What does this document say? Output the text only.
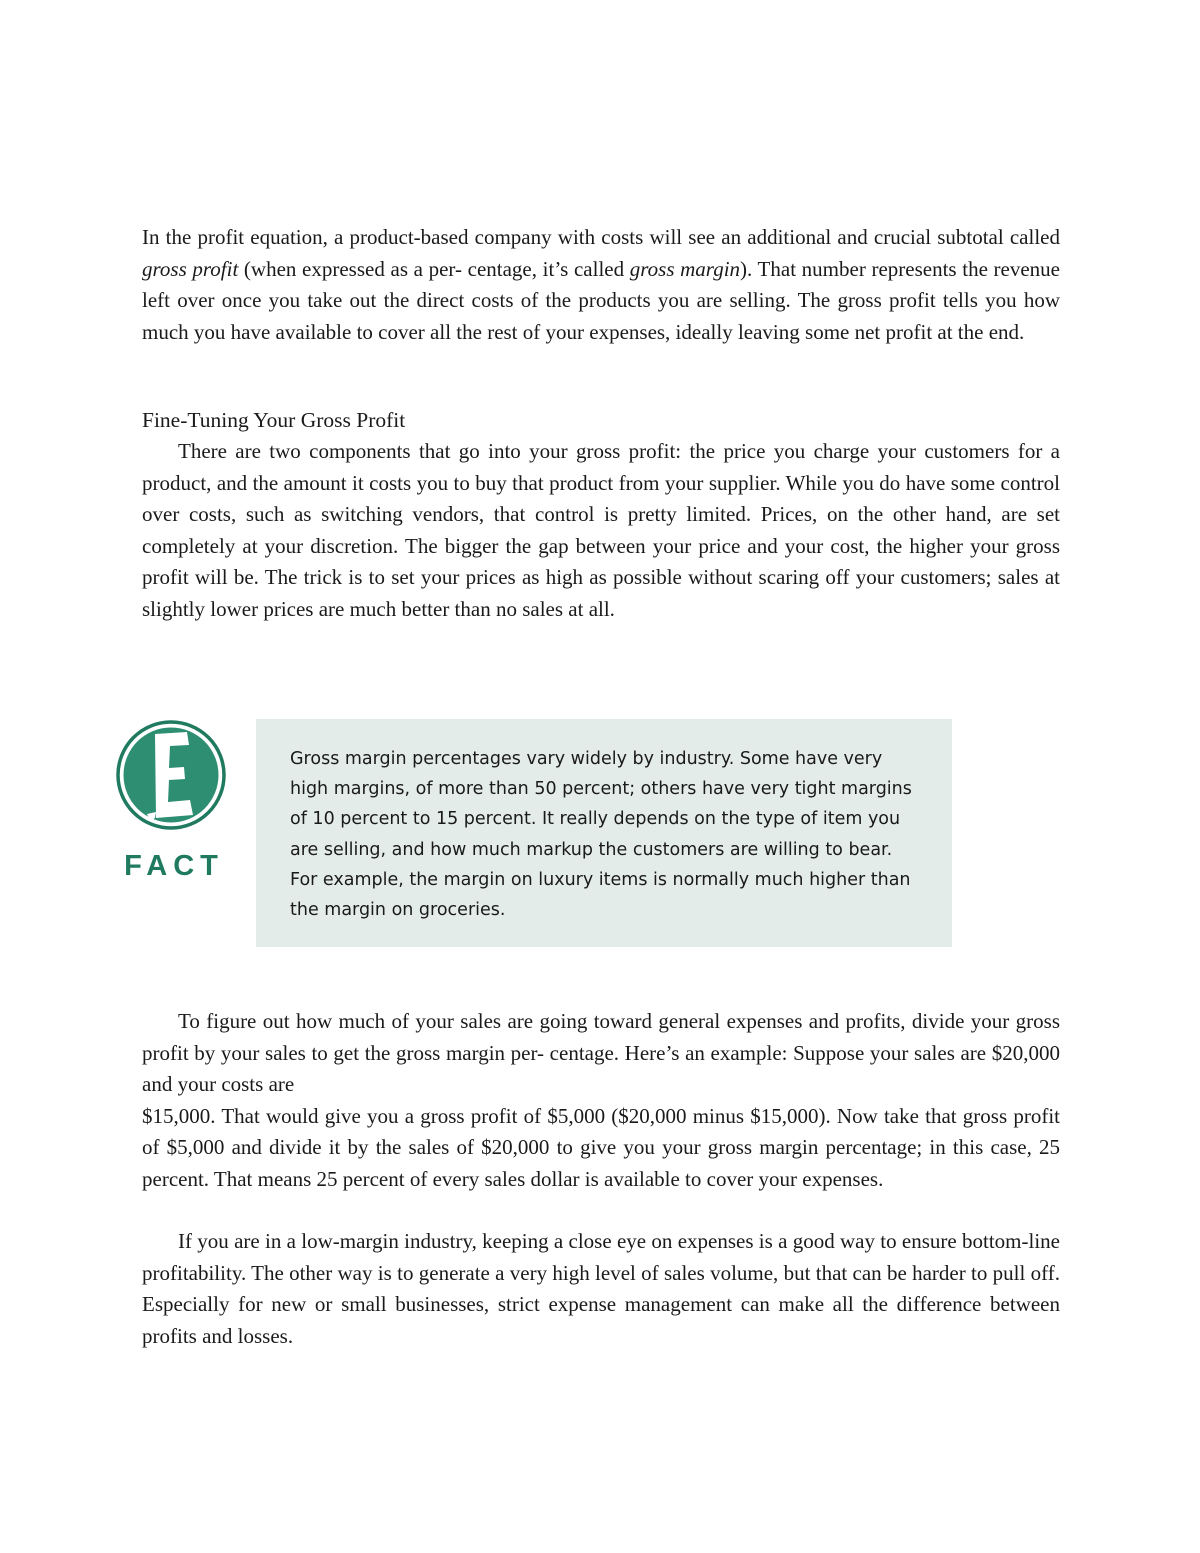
In the profit equation, a product-based company with costs will see an additional and crucial subtotal called gross profit (when expressed as a per- centage, it’s called gross margin). That number represents the revenue left over once you take out the direct costs of the products you are selling. The gross profit tells you how much you have available to cover all the rest of your expenses, ideally leaving some net profit at the end.

Fine-Tuning Your Gross Profit

There are two components that go into your gross profit: the price you charge your customers for a product, and the amount it costs you to buy that product from your supplier. While you do have some control over costs, such as switching vendors, that control is pretty limited. Prices, on the other hand, are set completely at your discretion. The bigger the gap between your price and your cost, the higher your gross profit will be. The trick is to set your prices as high as possible without scaring off your customers; sales at slightly lower prices are much better than no sales at all.

FACT

Gross margin percentages vary widely by industry. Some have very high margins, of more than 50 percent; others have very tight margins of 10 percent to 15 percent. It really depends on the type of item you are selling, and how much markup the customers are willing to bear. For example, the margin on luxury items is normally much higher than the margin on groceries.

To figure out how much of your sales are going toward general expenses and profits, divide your gross profit by your sales to get the gross margin per- centage. Here’s an example: Suppose your sales are $20,000 and your costs are
$15,000. That would give you a gross profit of $5,000 ($20,000 minus $15,000). Now take that gross profit of $5,000 and divide it by the sales of $20,000 to give you your gross margin percentage; in this case, 25 percent. That means 25 percent of every sales dollar is available to cover your expenses.

If you are in a low-margin industry, keeping a close eye on expenses is a good way to ensure bottom-line profitability. The other way is to generate a very high level of sales volume, but that can be harder to pull off. Especially for new or small businesses, strict expense management can make all the difference between profits and losses.
